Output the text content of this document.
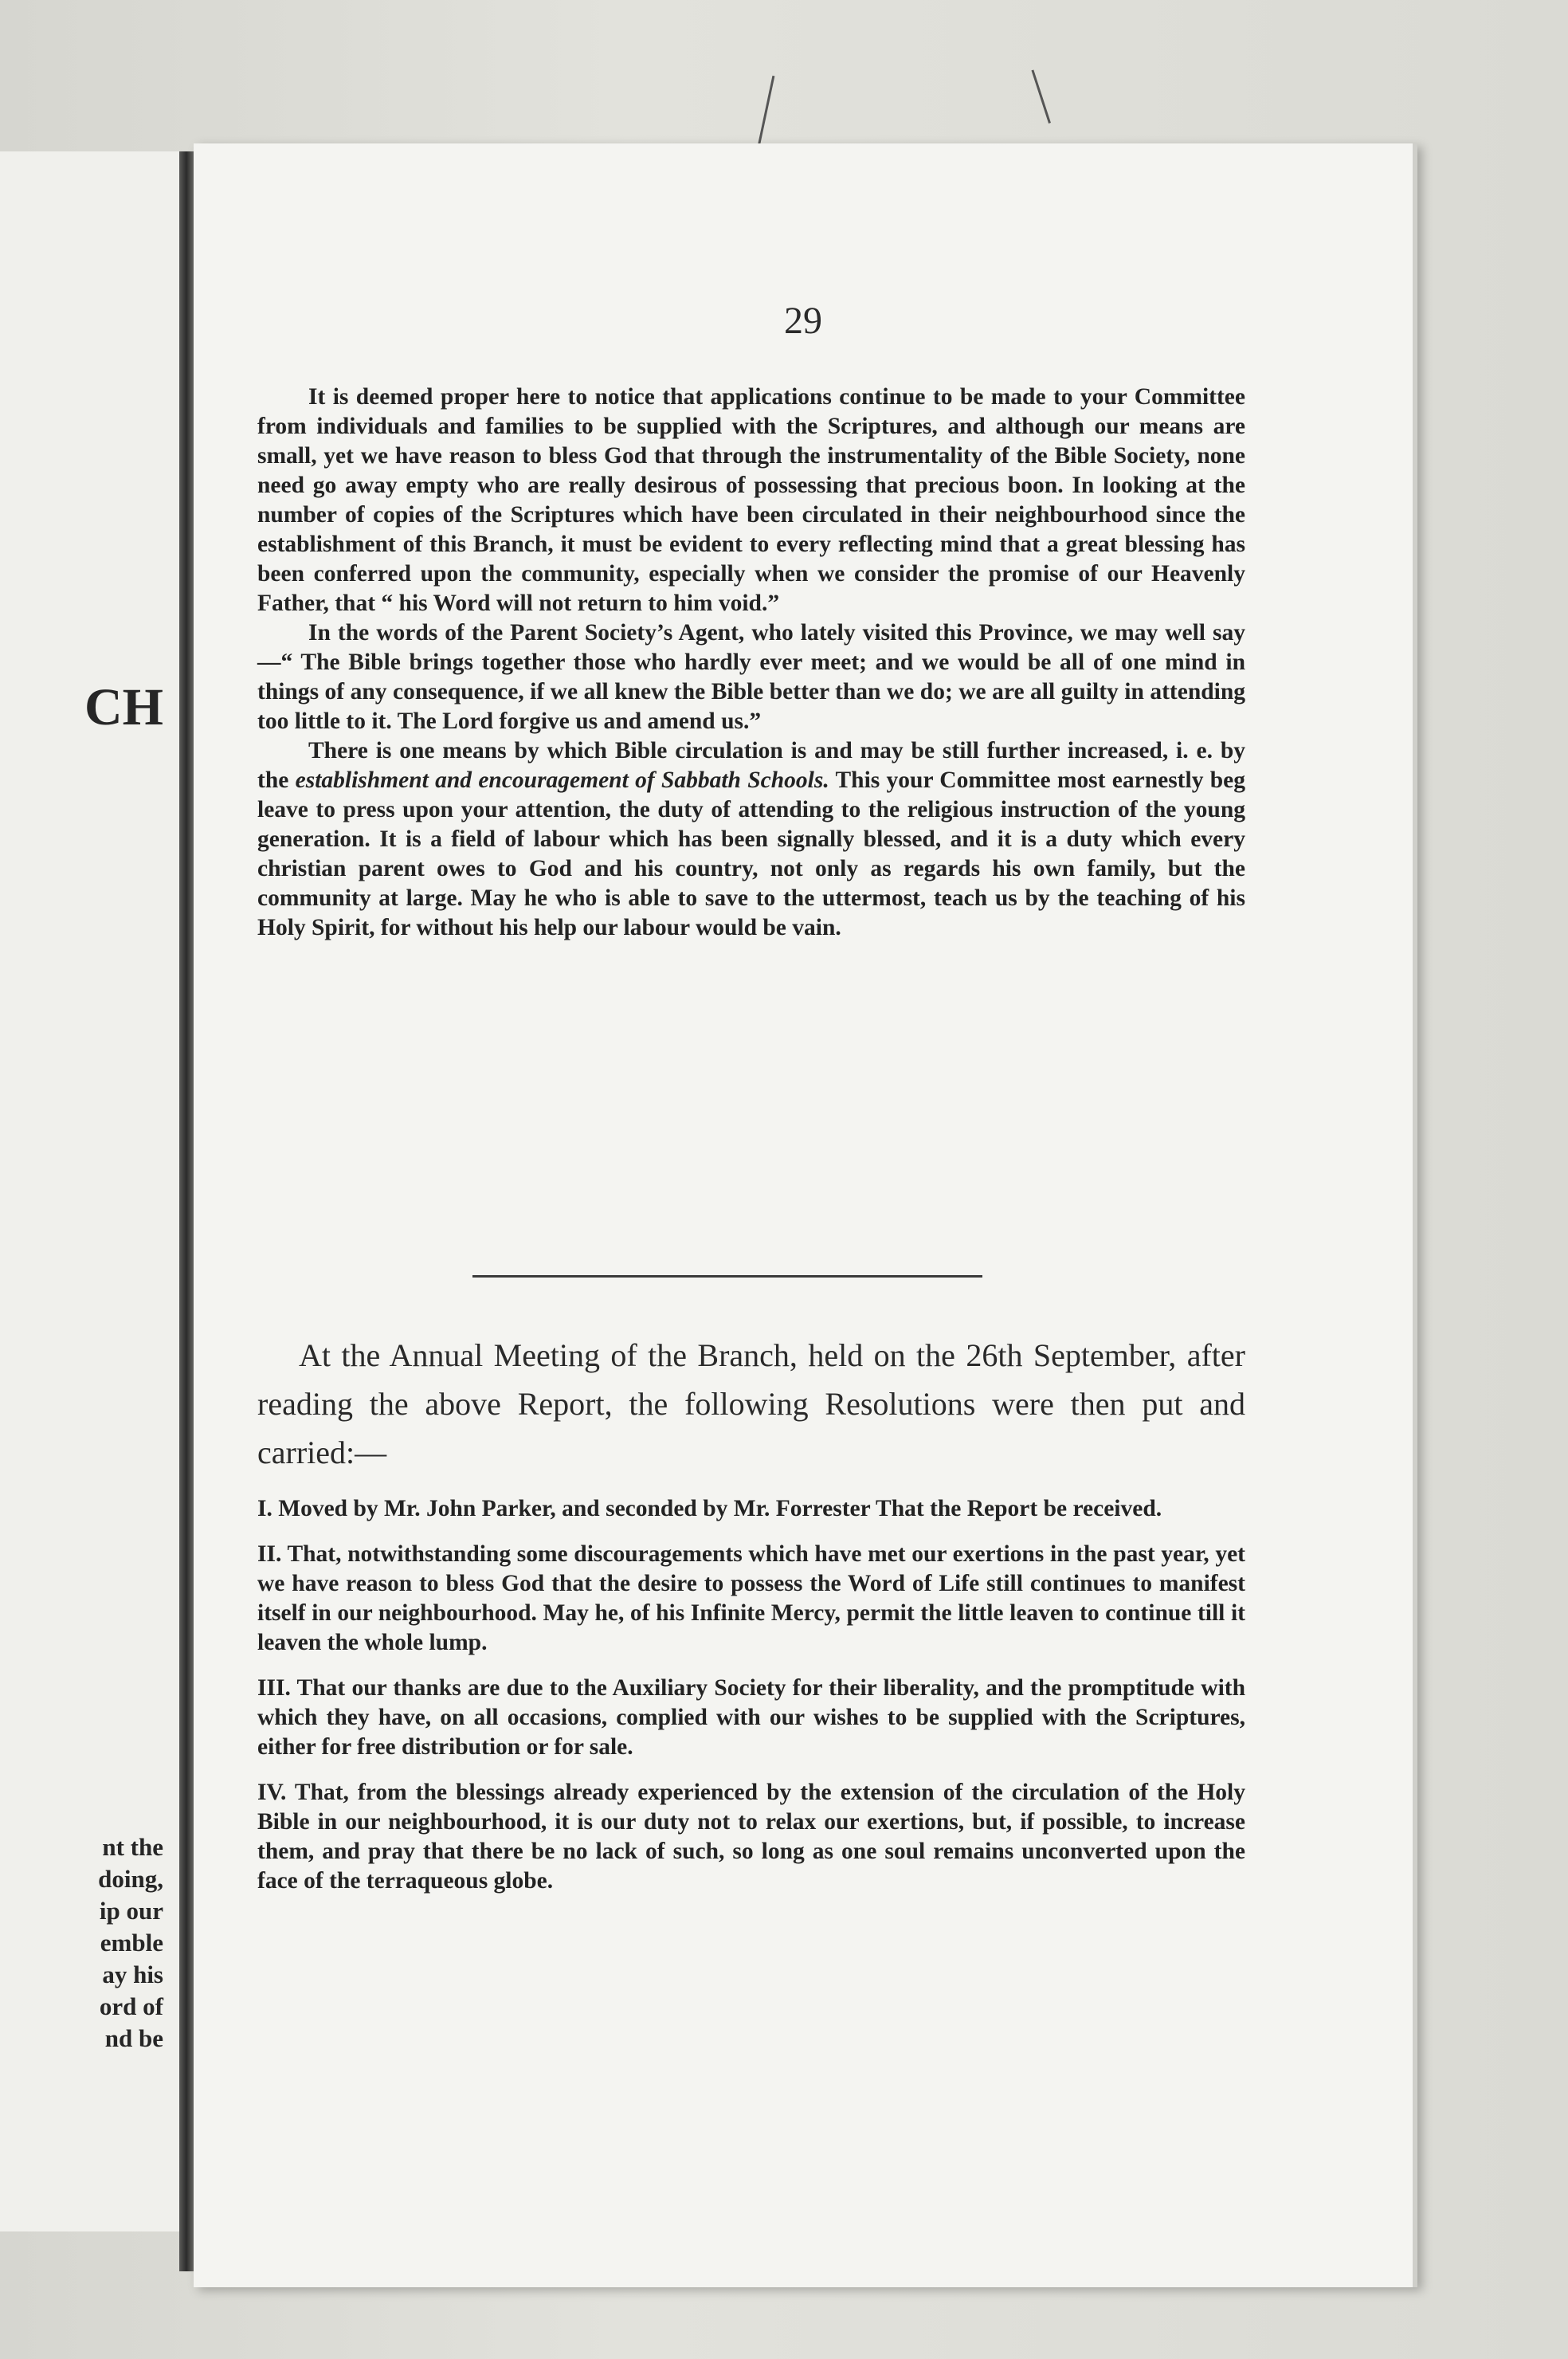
CH
nt the
doing,
ip our
emble
ay his
ord of
nd be
29

It is deemed proper here to notice that applications continue to be made to your Committee from individuals and families to be supplied with the Scriptures, and although our means are small, yet we have reason to bless God that through the instrumentality of the Bible Society, none need go away empty who are really desirous of possessing that precious boon. In looking at the number of copies of the Scriptures which have been circulated in their neighbourhood since the establishment of this Branch, it must be evident to every reflecting mind that a great blessing has been conferred upon the community, especially when we consider the promise of our Heavenly Father, that “ his Word will not return to him void.”

In the words of the Parent Society’s Agent, who lately visited this Province, we may well say—“ The Bible brings together those who hardly ever meet; and we would be all of one mind in things of any consequence, if we all knew the Bible better than we do; we are all guilty in attending too little to it. The Lord forgive us and amend us.”

There is one means by which Bible circulation is and may be still further increased, i. e. by the establishment and encouragement of Sabbath Schools. This your Committee most earnestly beg leave to press upon your attention, the duty of attending to the religious instruction of the young generation. It is a field of labour which has been signally blessed, and it is a duty which every christian parent owes to God and his country, not only as regards his own family, but the community at large. May he who is able to save to the uttermost, teach us by the teaching of his Holy Spirit, for without his help our labour would be vain.

At the Annual Meeting of the Branch, held on the 26th September, after reading the above Report, the following Resolutions were then put and carried:—

I. Moved by Mr. John Parker, and seconded by Mr. Forrester That the Report be received.

II. That, notwithstanding some discouragements which have met our exertions in the past year, yet we have reason to bless God that the desire to possess the Word of Life still continues to manifest itself in our neighbourhood. May he, of his Infinite Mercy, permit the little leaven to continue till it leaven the whole lump.

III. That our thanks are due to the Auxiliary Society for their liberality, and the promptitude with which they have, on all occasions, complied with our wishes to be supplied with the Scriptures, either for free distribution or for sale.

IV. That, from the blessings already experienced by the extension of the circulation of the Holy Bible in our neighbourhood, it is our duty not to relax our exertions, but, if possible, to increase them, and pray that there be no lack of such, so long as one soul remains unconverted upon the face of the terraqueous globe.
